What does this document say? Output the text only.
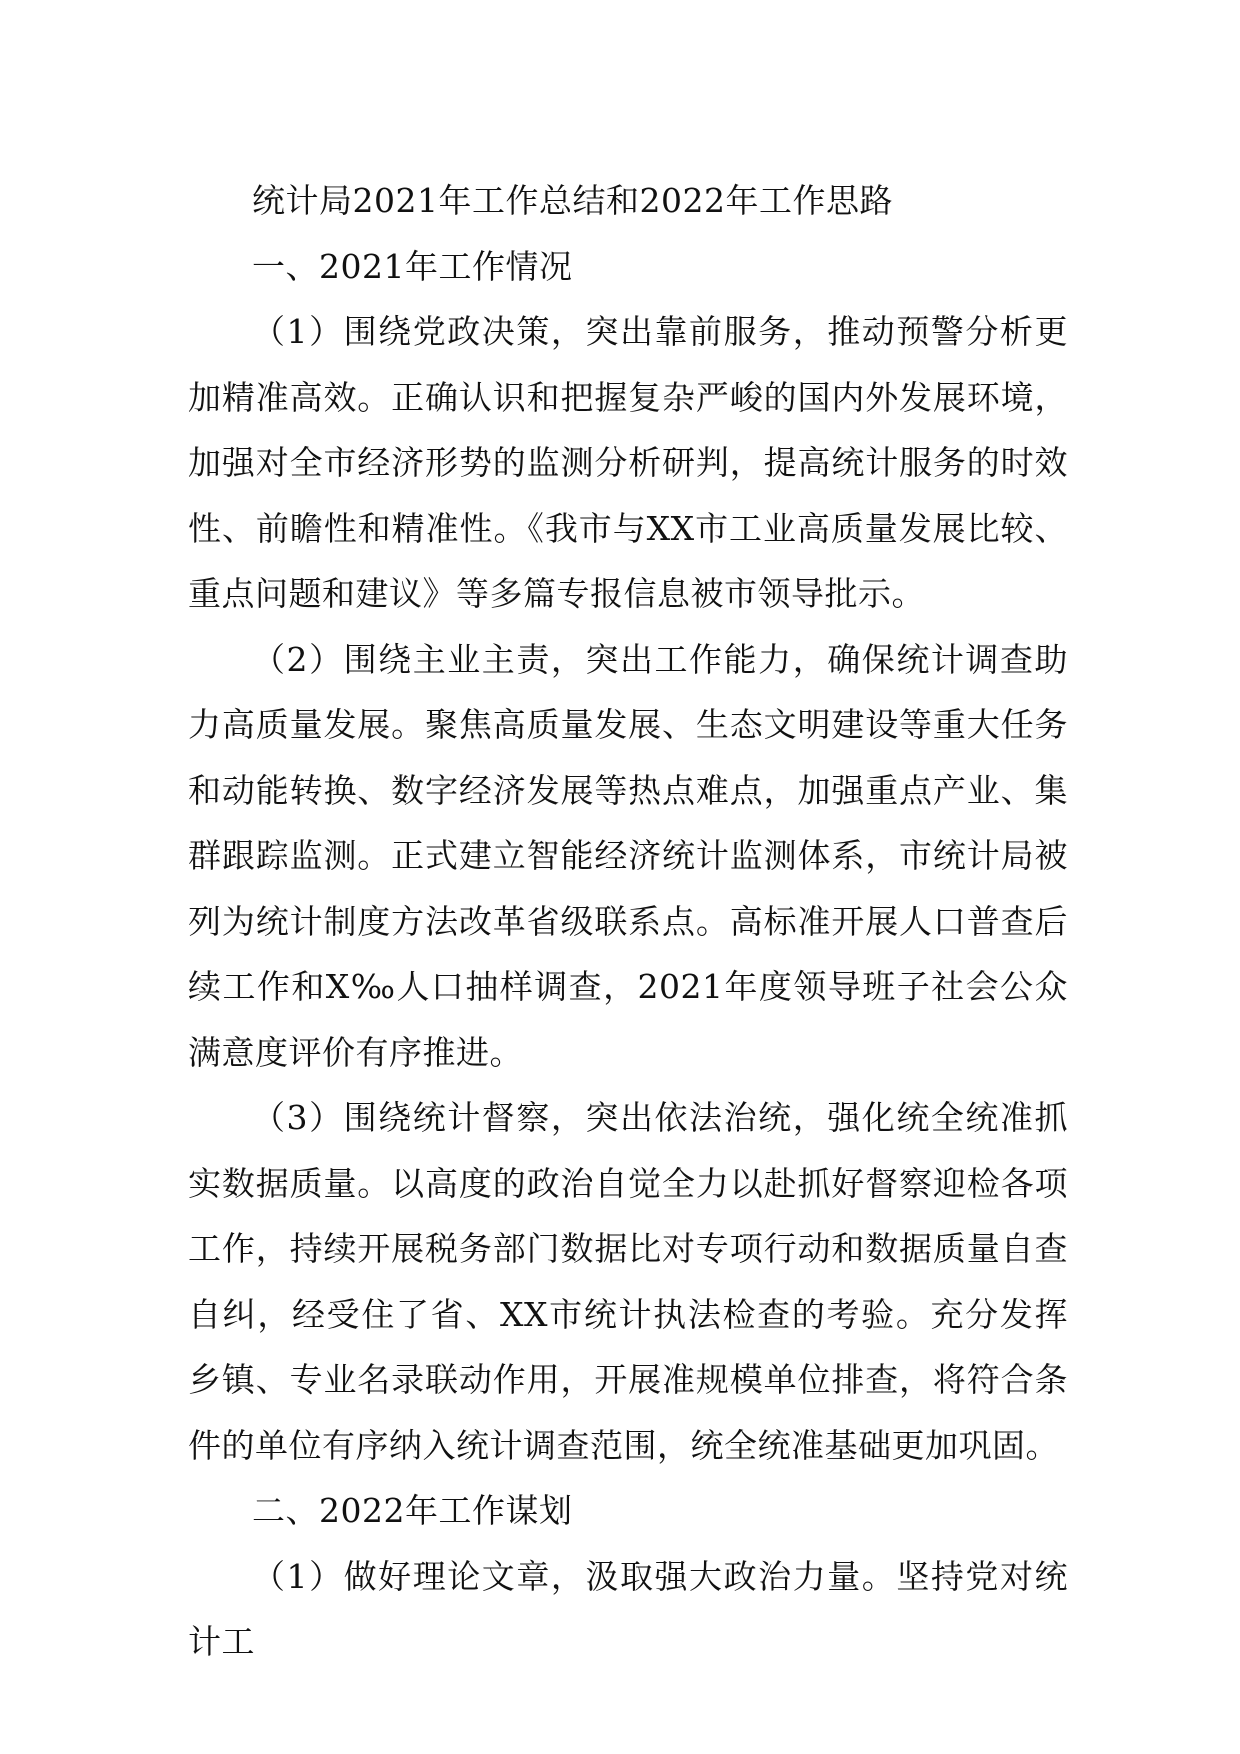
统计局2021年工作总结和2022年工作思路

一、2021年工作情况

（1）围绕党政决策，突出靠前服务，推动预警分析更加精准高效。正确认识和把握复杂严峻的国内外发展环境，加强对全市经济形势的监测分析研判，提高统计服务的时效性、前瞻性和精准性。《我市与XX市工业高质量发展比较、重点问题和建议》等多篇专报信息被市领导批示。

（2）围绕主业主责，突出工作能力，确保统计调查助力高质量发展。聚焦高质量发展、生态文明建设等重大任务和动能转换、数字经济发展等热点难点，加强重点产业、集群跟踪监测。正式建立智能经济统计监测体系，市统计局被列为统计制度方法改革省级联系点。高标准开展人口普查后续工作和X‰人口抽样调查，2021年度领导班子社会公众满意度评价有序推进。

（3）围绕统计督察，突出依法治统，强化统全统准抓实数据质量。以高度的政治自觉全力以赴抓好督察迎检各项工作，持续开展税务部门数据比对专项行动和数据质量自查自纠，经受住了省、XX市统计执法检查的考验。充分发挥乡镇、专业名录联动作用，开展准规模单位排查，将符合条件的单位有序纳入统计调查范围，统全统准基础更加巩固。

二、2022年工作谋划

（1）做好理论文章，汲取强大政治力量。坚持党对统计工
